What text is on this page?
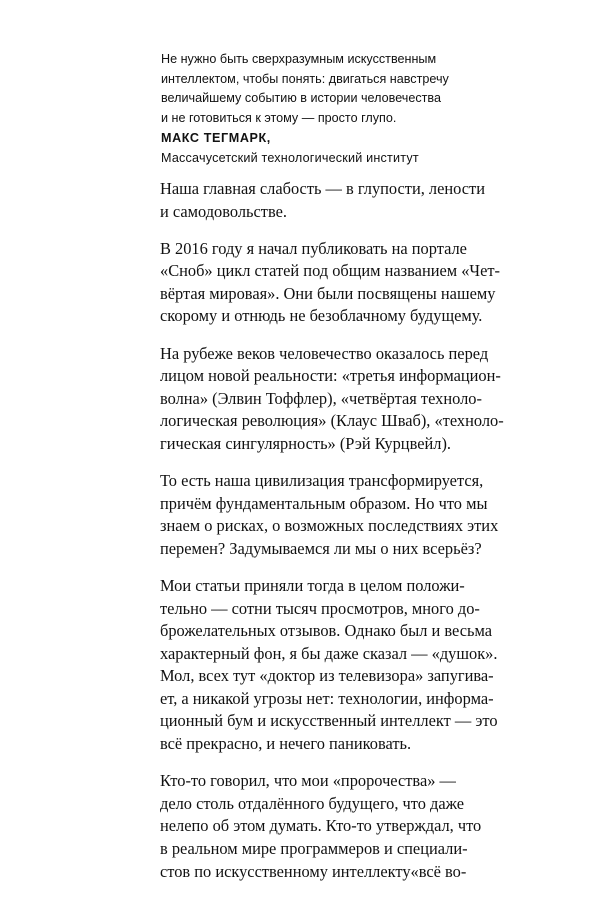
Не нужно быть сверхразумным искусственным
интеллектом, чтобы понять: двигаться навстречу
величайшему событию в истории человечества
и не готовиться к этому — просто глупо.
МАКС ТЕГМАРК,
Массачусетский технологический институт

Наша главная слабость — в глупости, лености
и самодовольстве.

В 2016 году я начал публиковать на портале
«Сноб» цикл статей под общим названием «Чет-
вёртая мировая». Они были посвящены нашему
скорому и отнюдь не безоблачному будущему.

На рубеже веков человечество оказалось перед
лицом новой реальности: «третья информацион-
волна» (Элвин Тоффлер), «четвёртая техноло-
логическая революция» (Клаус Шваб), «техноло-
гическая сингулярность» (Рэй Курцвейл).

То есть наша цивилизация трансформируется,
причём фундаментальным образом. Но что мы
знаем о рисках, о возможных последствиях этих
перемен? Задумываемся ли мы о них всерьёз?

Мои статьи приняли тогда в целом положи-
тельно — сотни тысяч просмотров, много до-
брожелательных отзывов. Однако был и весьма
характерный фон, я бы даже сказал — «душок».
Мол, всех тут «доктор из телевизора» запугива-
ет, а никакой угрозы нет: технологии, информа-
ционный бум и искусственный интеллект — это
всё прекрасно, и нечего паниковать.

Кто-то говорил, что мои «пророчества» —
дело столь отдалённого будущего, что даже
нелепо об этом думать. Кто-то утверждал, что
в реальном мире программеров и специали-
стов по искусственному интеллекту«всё во-
